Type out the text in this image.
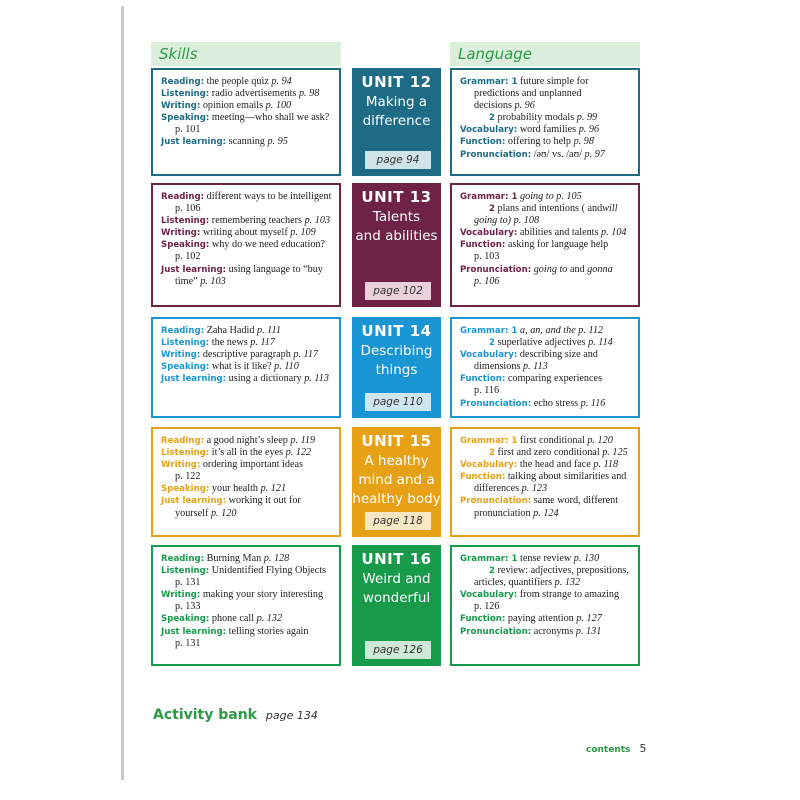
Skills	Language
Reading: the people quiz p. 94
Listening: radio advertisements p. 98
Writing: opinion emails p. 100
Speaking: meeting—who shall we ask?
p. 101
Just learning: scanning p. 95
UNIT 12
Making a
difference
page 94
Grammar: 1 future simple for
predictions and unplanned
decisions p. 96
2 probability modals p. 99
Vocabulary: word families p. 96
Function: offering to help p. 98
Pronunciation: /əʊ/ vs. /aʊ/ p. 97
Reading: different ways to be intelligent
p. 106
Listening: remembering teachers p. 103
Writing: writing about myself p. 109
Speaking: why do we need education?
p. 102
Just learning: using language to “buy
time” p. 103
UNIT 13
Talents
and abilities
page 102
Grammar: 1 going to p. 105
2 plans and intentions ( andwill
going to) p. 108
Vocabulary: abilities and talents p. 104
Function: asking for language help
p. 103
Pronunciation: going to and gonna
p. 106
Reading: Zaha Hadid p. 111
Listening: the news p. 117
Writing: descriptive paragraph p. 117
Speaking: what is it like? p. 110
Just learning: using a dictionary p. 113
UNIT 14
Describing
things
page 110
Grammar: 1 a, an, and the p. 112
2 superlative adjectives p. 114
Vocabulary: describing size and
dimensions p. 113
Function: comparing experiences
p. 116
Pronunciation: echo stress p. 116
Reading: a good night’s sleep p. 119
Listening: it’s all in the eyes p. 122
Writing: ordering important ideas
p. 122
Speaking: your health p. 121
Just learning: working it out for
yourself p. 120
UNIT 15
A healthy
mind and a
healthy body
page 118
Grammar: 1 first conditional p. 120
2 first and zero conditional p. 125
Vocabulary: the head and face p. 118
Function: talking about similarities and
differences p. 123
Pronunciation: same word, different
pronunciation p. 124
Reading: Burning Man p. 128
Listening: Unidentified Flying Objects
p. 131
Writing: making your story interesting
p. 133
Speaking: phone call p. 132
Just learning: telling stories again
p. 131
UNIT 16
Weird and
wonderful
page 126
Grammar: 1 tense review p. 130
2 review: adjectives, prepositions,
articles, quantifiers p. 132
Vocabulary: from strange to amazing
p. 126
Function: paying attention p. 127
Pronunciation: acronyms p. 131
Activity bank page 134
contents 5
